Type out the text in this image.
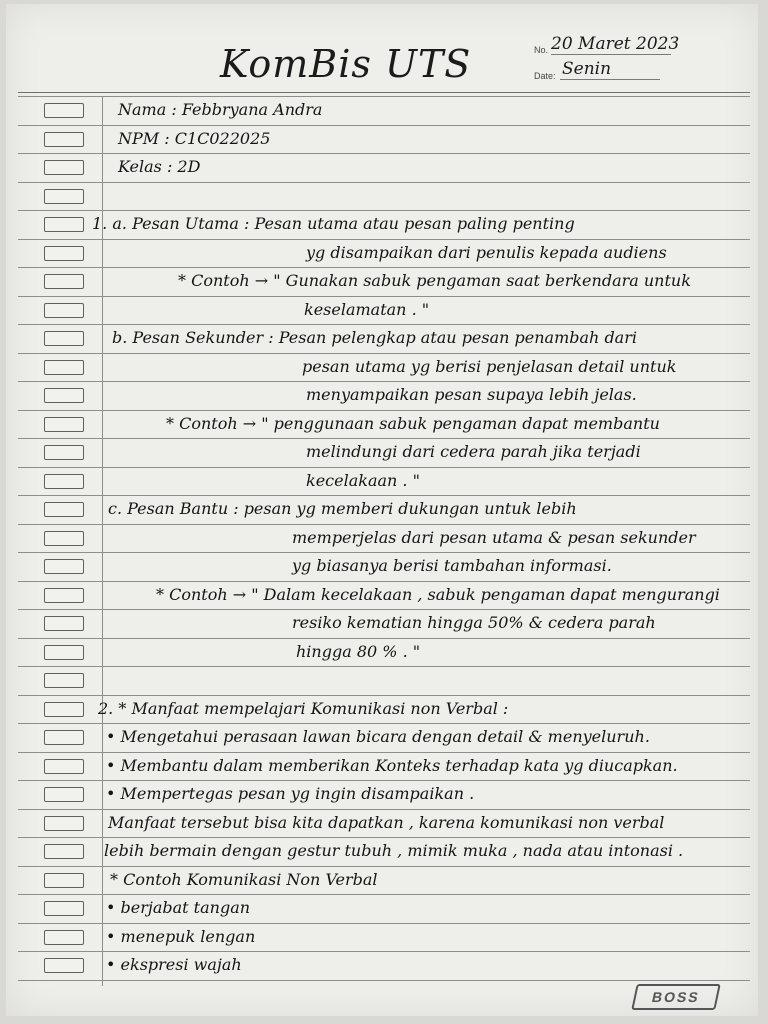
KomBis UTS	No. 20 Maret 2023
Date: Senin
Nama : Febbryana Andra
NPM : C1C022025
Kelas : 2D
1. a. Pesan Utama : Pesan utama atau pesan paling penting
yg disampaikan dari penulis kepada audiens
* Contoh → " Gunakan sabuk pengaman saat berkendara untuk
keselamatan . "
b. Pesan Sekunder : Pesan pelengkap atau pesan penambah dari
pesan utama yg berisi penjelasan detail untuk
menyampaikan pesan supaya lebih jelas.
* Contoh → " penggunaan sabuk pengaman dapat membantu
melindungi dari cedera parah jika terjadi
kecelakaan . "
c. Pesan Bantu : pesan yg memberi dukungan untuk lebih
memperjelas dari pesan utama & pesan sekunder
yg biasanya berisi tambahan informasi.
* Contoh → " Dalam kecelakaan , sabuk pengaman dapat mengurangi
resiko kematian hingga 50% & cedera parah
hingga 80 % . "
2. * Manfaat mempelajari Komunikasi non Verbal :
• Mengetahui perasaan lawan bicara dengan detail & menyeluruh.
• Membantu dalam memberikan Konteks terhadap kata yg diucapkan.
• Mempertegas pesan yg ingin disampaikan .
Manfaat tersebut bisa kita dapatkan , karena komunikasi non verbal
lebih bermain dengan gestur tubuh , mimik muka , nada atau intonasi .
* Contoh Komunikasi Non Verbal
• berjabat tangan
• menepuk lengan
• ekspresi wajah
BOSS
